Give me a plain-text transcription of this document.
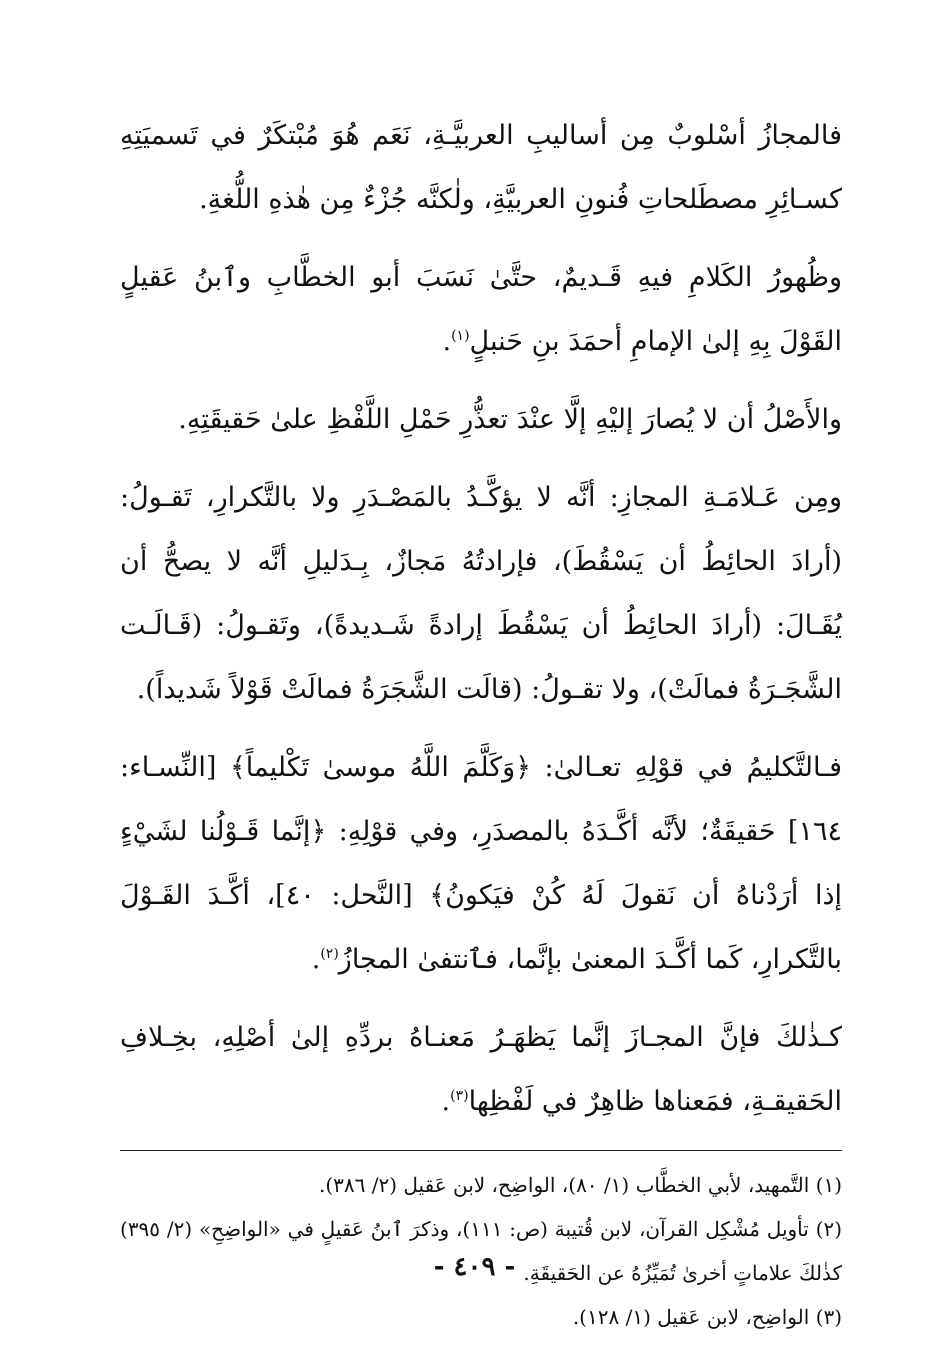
فالمجازُ أسْلوبٌ مِن أساليبِ العربيَّـةِ، نَعَم هُوَ مُبْتكَرٌ في تَسميَتِهِ كسـائِرِ مصطَلحاتِ فُنونِ العربيَّةِ، ولٰكنَّه جُزْءٌ مِن هٰذهِ اللُّغةِ.

وظُهورُ الكَلامِ فيهِ قَـديمٌ، حتَّىٰ نَسَبَ أبو الخطَّابِ وٱبنُ عَقيلٍ القَوْلَ بِهِ إلىٰ الإمامِ أحمَدَ بنِ حَنبلٍ$^{(١)}$.

والأَصْلُ أن لا يُصارَ إليْهِ إلَّا عنْدَ تعذُّرِ حَمْلِ اللَّفْظِ علىٰ حَقيقَتِهِ.

ومِن عَـلامَـةِ المجازِ: أنَّه لا يؤكَّـدُ بالمَصْـدَرِ ولا بالتَّكرارِ، تَقـولُ: (أرادَ الحائِطُ أن يَسْقُطَ)، فإرادتُهُ مَجازٌ، بِـدَليلِ أنَّه لا يصحُّ أن يُقَـالَ: (أرادَ الحائِطُ أن يَسْقُطَ إرادةً شَـديدةً)، وتَقـولُ: (قَـالَـت الشَّجَـرَةُ فمالَتْ)، ولا تقـولُ: (قالَت الشَّجَرَةُ فمالَتْ قَوْلاً شَديداً).

فـالتَّكليمُ في قوْلِهِ تعـالىٰ: ﴿وَكَلَّمَ اللَّهُ موسىٰ تَكْليماً﴾ [النِّسـاء: ١٦٤] حَقيقَةٌ؛ لأنَّه أكَّـدَهُ بالمصدَرِ، وفي قوْلِهِ: ﴿إنَّما قَـوْلُنا لشَيْءٍ إذا أرَدْناهُ أن نَقولَ لَهُ كُنْ فيَكونُ﴾ [النَّحل: ٤٠]، أكَّـدَ القَـوْلَ بالتَّكرارِ، كَما أكَّـدَ المعنىٰ بإنَّما، فٱنتفىٰ المجازُ$^{(٢)}$.

كـذٰلكَ فإنَّ المجـازَ إنَّما يَظهَـرُ مَعنـاهُ بردِّهِ إلىٰ أصْلِهِ، بخِـلافِ الحَقيقـةِ، فمَعناها ظاهِرٌ في لَفْظِها$^{(٣)}$.

(١) التَّمهيد، لأبي الخطَّاب (١/ ٨٠)، الواضِح، لابن عَقيل (٢/ ٣٨٦).

(٢) تأويل مُشْكِل القرآن، لابن قُتيبة (ص: ١١١)، وذكرَ ٱبنُ عَقيلٍ في «الواضِحِ» (٢/ ٣٩٥) كذٰلكَ علاماتٍ أخرىٰ تُمَيِّزُهُ عن الحَقيقَةِ.

(٣) الواضِح، لابن عَقيل (١/ ١٢٨).

- ٤٠٩ -
